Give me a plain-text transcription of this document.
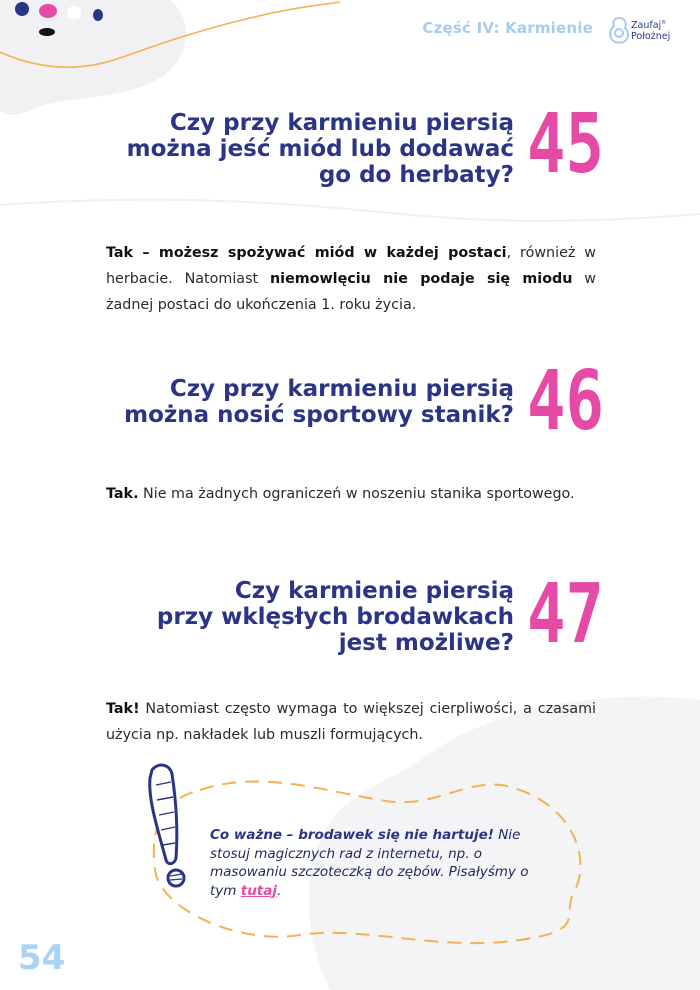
Część IV: Karmienie	Zaufaj®
Położnej
Czy przy karmieniu piersią
można jeść miód lub dodawać
go do herbaty? 45
Tak – możesz spożywać miód w każdej postaci, również w herbacie. Natomiast niemowlęciu nie podaje się miodu w żadnej postaci do ukończenia 1. roku życia.
Czy przy karmieniu piersią
można nosić sportowy stanik? 46
Tak. Nie ma żadnych ograniczeń w noszeniu stanika sportowego.
Czy karmienie piersią
przy wklęsłych brodawkach
jest możliwe? 47
Tak! Natomiast często wymaga to większej cierpliwości, a czasami użycia np. nakładek lub muszli formujących.
Co ważne – brodawek się nie hartuje! Nie stosuj magicznych rad z internetu, np. o masowaniu szczoteczką do zębów. Pisałyśmy o tym tutaj.
54
